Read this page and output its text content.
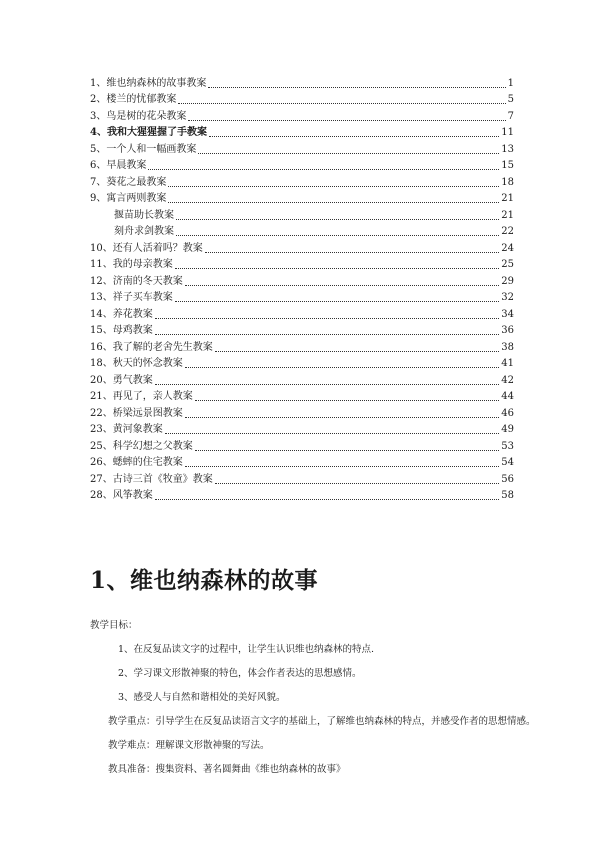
1、维也纳森林的故事教案	1
2、楼兰的忧郁教案	5
3、鸟是树的花朵教案	7
4、我和大猩猩握了手教案	11
5、一个人和一幅画教案	13
6、早晨教案	15
7、葵花之最教案	18
9、寓言两则教案	21
揠苗助长教案	21
刻舟求剑教案	22
10、还有人活着吗？教案	24
11、我的母亲教案	25
12、济南的冬天教案	29
13、祥子买车教案	32
14、养花教案	34
15、母鸡教案	36
16、我了解的老舍先生教案	38
18、秋天的怀念教案	41
20、勇气教案	42
21、再见了，亲人教案	44
22、桥梁远景图教案	46
23、黄河象教案	49
25、科学幻想之父教案	53
26、蟋蟀的住宅教案	54
27、古诗三首《牧童》教案	56
28、风筝教案	58
1、维也纳森林的故事

教学目标：

1、在反复品读文字的过程中，让学生认识维也纳森林的特点.

2、学习课文形散神聚的特色，体会作者表达的思想感情。

3、感受人与自然和谐相处的美好风貌。

教学重点：引导学生在反复品读语言文字的基础上，了解维也纳森林的特点，并感受作者的思想情感。

教学难点：理解课文形散神聚的写法。

教具准备：搜集资料、著名圆舞曲《维也纳森林的故事》
